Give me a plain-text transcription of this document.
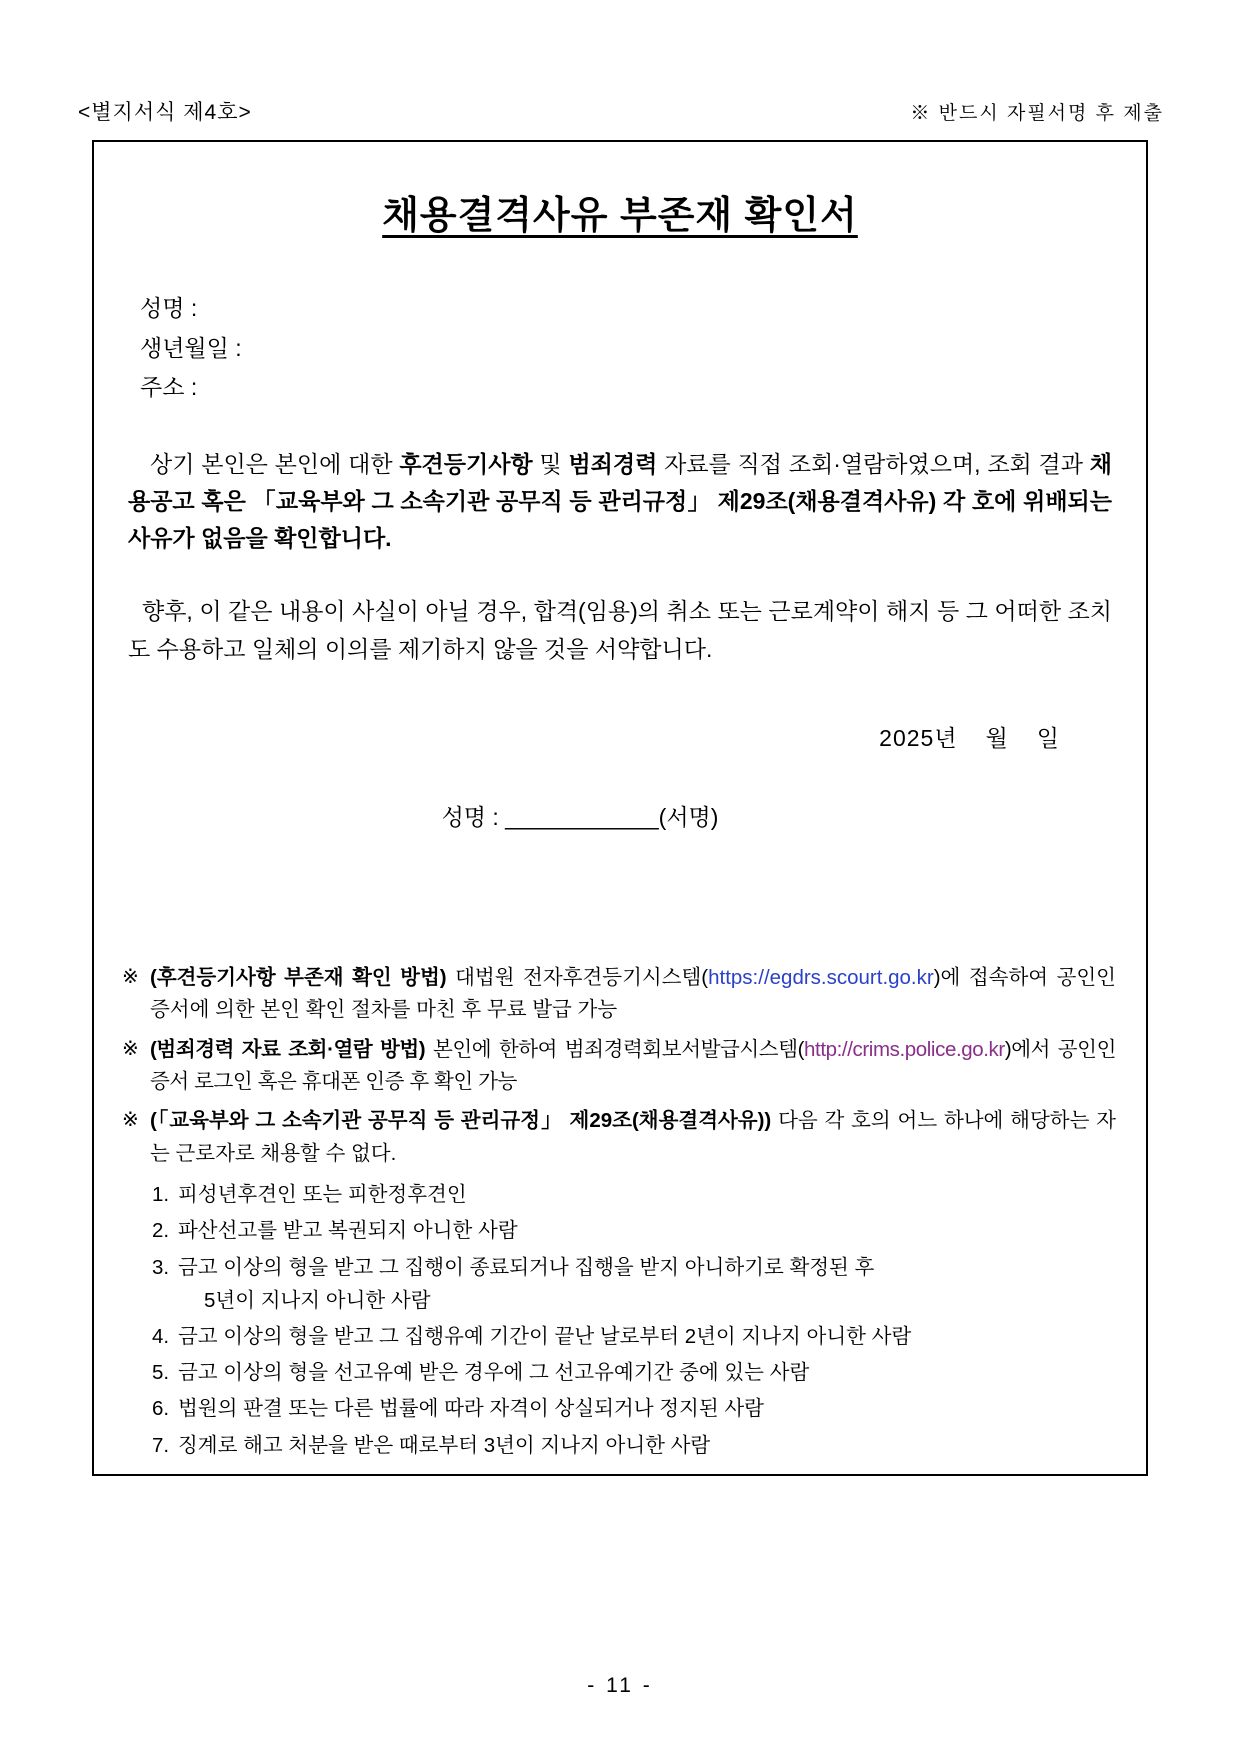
<별지서식 제4호>	※ 반드시 자필서명 후 제출
채용결격사유 부존재 확인서
성명 :
생년월일 :
주소 :
상기 본인은 본인에 대한 후견등기사항 및 범죄경력 자료를 직접 조회·열람하였으며, 조회 결과 채용공고 혹은 「교육부와 그 소속기관 공무직 등 관리규정」 제29조(채용결격사유) 각 호에 위배되는 사유가 없음을 확인합니다.
향후, 이 같은 내용이 사실이 아닐 경우, 합격(임용)의 취소 또는 근로계약이 해지 등 그 어떠한 조치도 수용하고 일체의 이의를 제기하지 않을 것을 서약합니다.
2025년 월 일
성명 : ____________(서명)
※ (후견등기사항 부존재 확인 방법) 대법원 전자후견등기시스템(https://egdrs.scourt.go.kr)에 접속하여 공인인증서에 의한 본인 확인 절차를 마친 후 무료 발급 가능
※ (범죄경력 자료 조회·열람 방법) 본인에 한하여 범죄경력회보서발급시스템(http://crims.police.go.kr)에서 공인인증서 로그인 혹은 휴대폰 인증 후 확인 가능
※ (「교육부와 그 소속기관 공무직 등 관리규정」 제29조(채용결격사유)) 다음 각 호의 어느 하나에 해당하는 자는 근로자로 채용할 수 없다.
1. 피성년후견인 또는 피한정후견인
2. 파산선고를 받고 복권되지 아니한 사람
3. 금고 이상의 형을 받고 그 집행이 종료되거나 집행을 받지 아니하기로 확정된 후
5년이 지나지 아니한 사람
4. 금고 이상의 형을 받고 그 집행유예 기간이 끝난 날로부터 2년이 지나지 아니한 사람
5. 금고 이상의 형을 선고유예 받은 경우에 그 선고유예기간 중에 있는 사람
6. 법원의 판결 또는 다른 법률에 따라 자격이 상실되거나 정지된 사람
7. 징계로 해고 처분을 받은 때로부터 3년이 지나지 아니한 사람
- 11 -
